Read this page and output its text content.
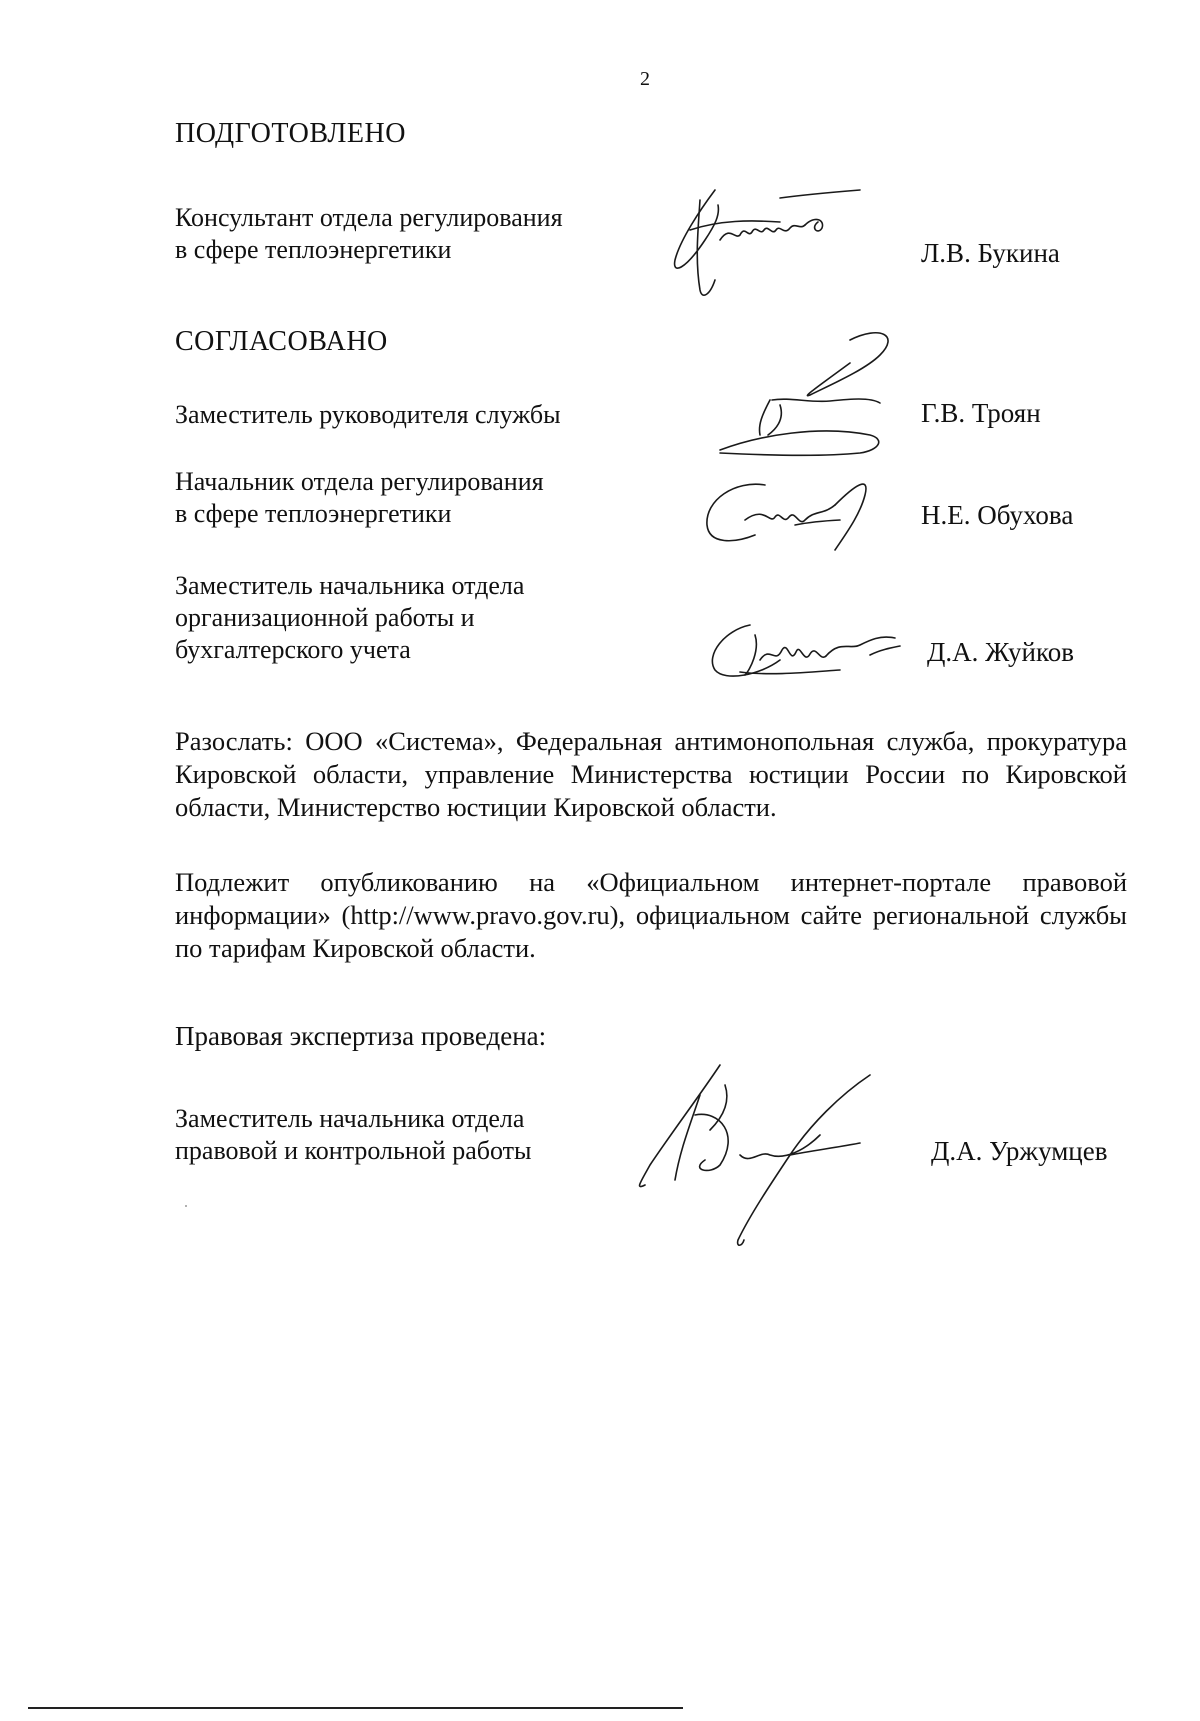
2
ПОДГОТОВЛЕНО
Консультант отдела регулирования
в сфере теплоэнергетики	Л.В. Букина
СОГЛАСОВАНО
Заместитель руководителя службы	Г.В. Троян
Начальник отдела регулирования
в сфере теплоэнергетики	Н.Е. Обухова
Заместитель начальника отдела
организационной работы и
бухгалтерского учета	Д.А. Жуйков
Разослать: ООО «Система», Федеральная антимонопольная служба, прокуратура Кировской области, управление Министерства юстиции России по Кировской области, Министерство юстиции Кировской области.
Подлежит опубликованию на «Официальном интернет-портале правовой информации» (http://www.pravo.gov.ru), официальном сайте региональной службы по тарифам Кировской области.
Правовая экспертиза проведена:
Заместитель начальника отдела
правовой и контрольной работы	Д.А. Уржумцев
